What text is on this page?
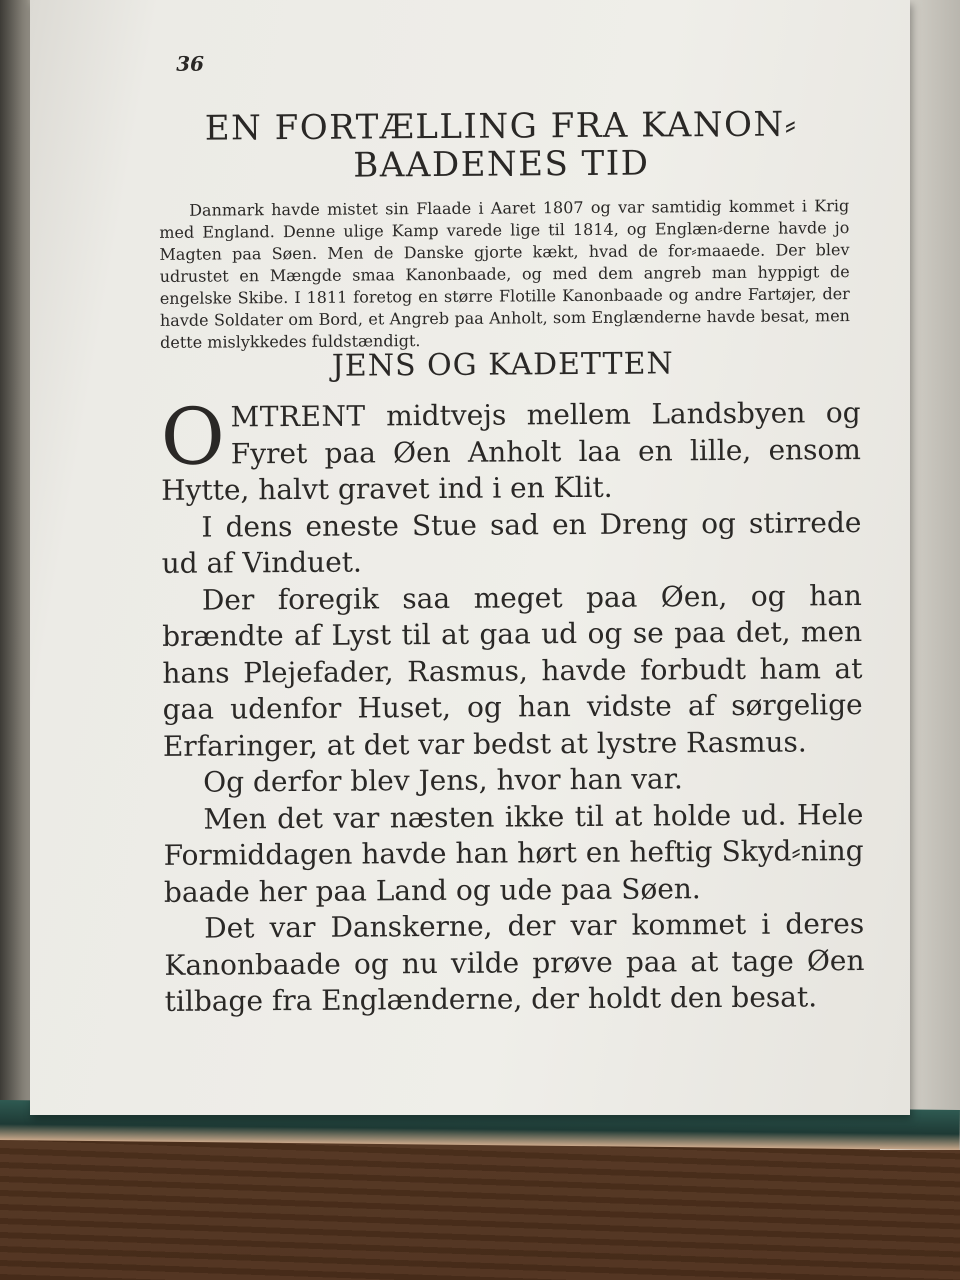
36
EN FORTÆLLING FRA KANON⸗
BAADENES TID
Danmark havde mistet sin Flaade i Aaret 1807 og var samtidig kommet i Krig med England. Denne ulige Kamp varede lige til 1814, og Englæn⸗derne havde jo Magten paa Søen. Men de Danske gjorte kækt, hvad de for⸗maaede. Der blev udrustet en Mængde smaa Kanonbaade, og med dem angreb man hyppigt de engelske Skibe. I 1811 foretog en større Flotille Kanonbaade og andre Fartøjer, der havde Soldater om Bord, et Angreb paa Anholt, som Englænderne havde besat, men dette mislykkedes fuldstændigt.
JENS OG KADETTEN

OMTRENT midtvejs mellem Landsbyen og Fyret paa Øen Anholt laa en lille, ensom Hytte, halvt gravet ind i en Klit.

I dens eneste Stue sad en Dreng og stirrede ud af Vinduet.

Der foregik saa meget paa Øen, og han brændte af Lyst til at gaa ud og se paa det, men hans Plejefader, Rasmus, havde forbudt ham at gaa udenfor Huset, og han vidste af sørgelige Erfaringer, at det var bedst at lystre Rasmus.

Og derfor blev Jens, hvor han var.

Men det var næsten ikke til at holde ud. Hele Formiddagen havde han hørt en heftig Skyd⸗ning baade her paa Land og ude paa Søen.

Det var Danskerne, der var kommet i deres Kanonbaade og nu vilde prøve paa at tage Øen tilbage fra Englænderne, der holdt den besat.
